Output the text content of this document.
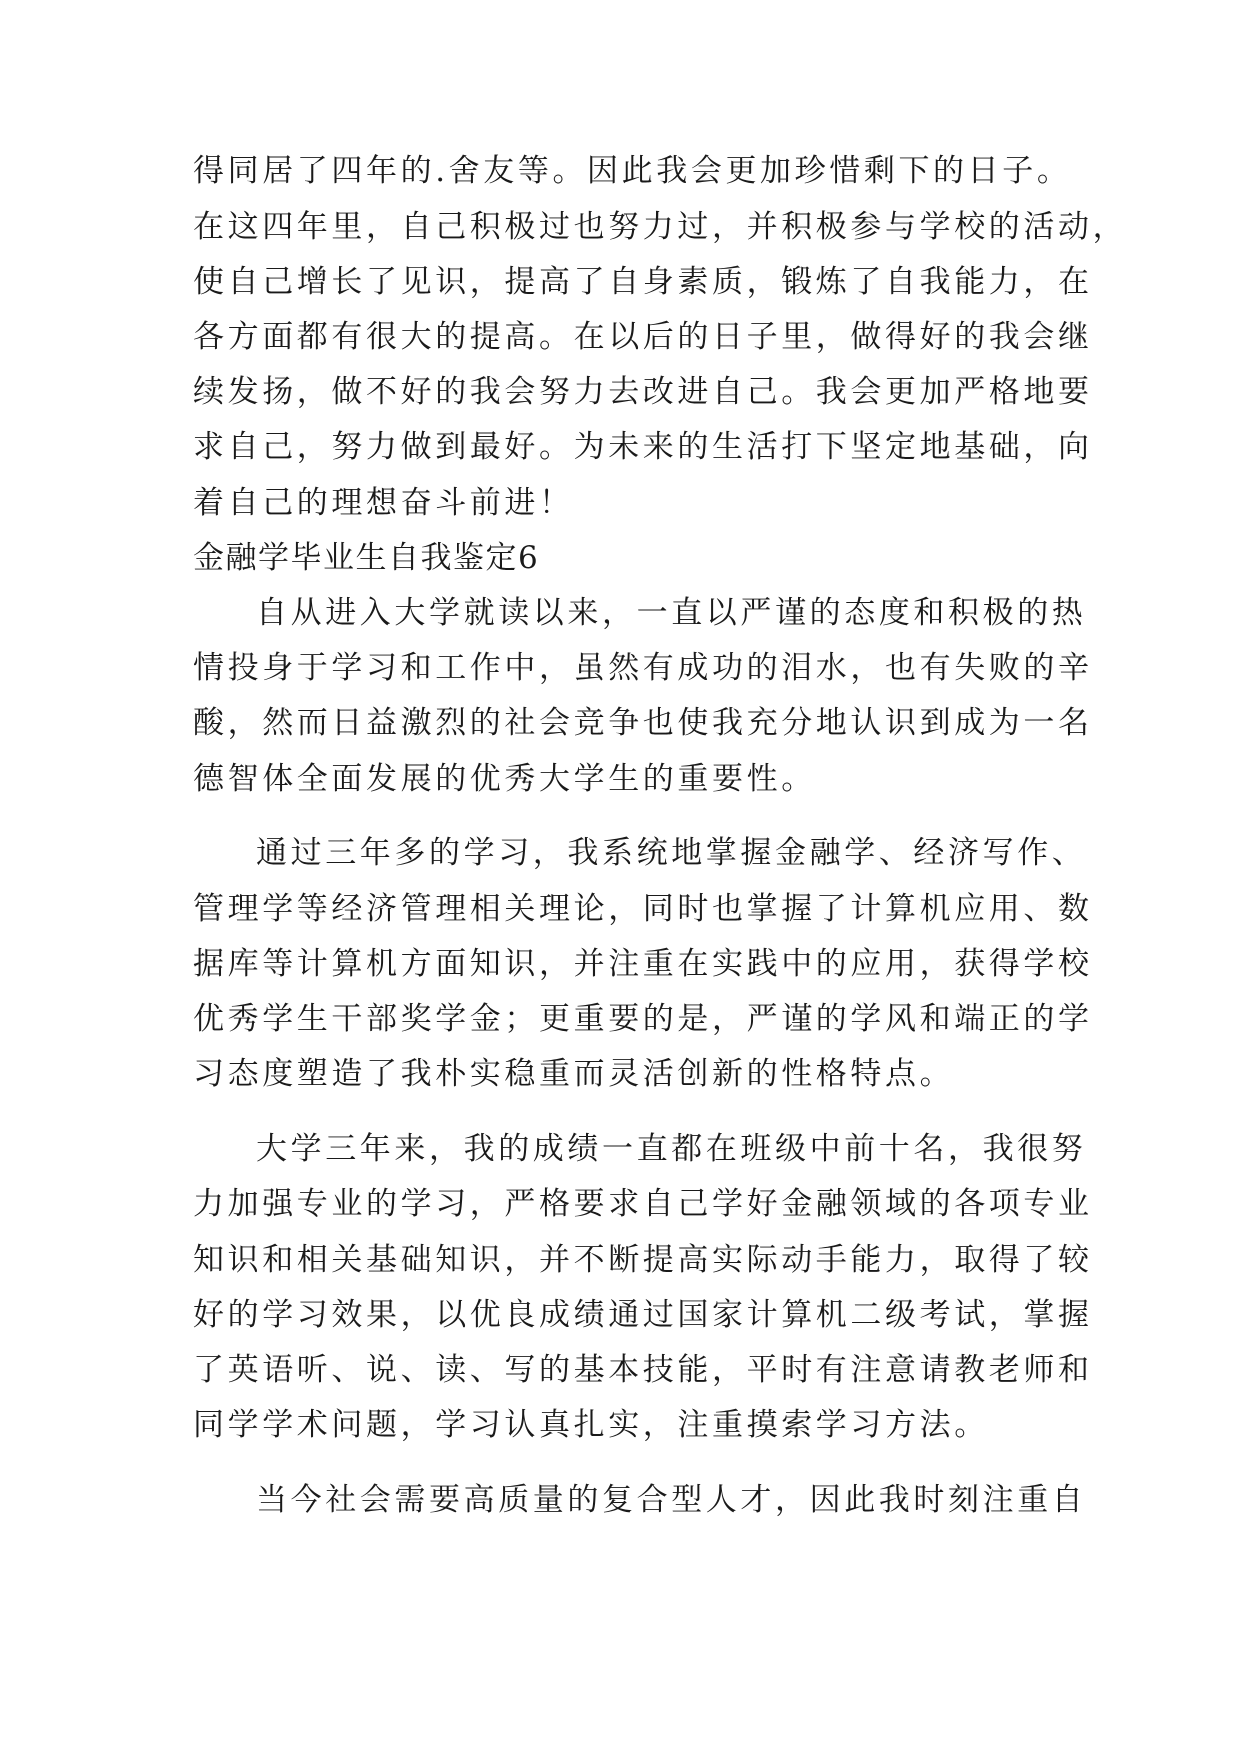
得同居了四年的.舍友等。因此我会更加珍惜剩下的日子。
在这四年里，自己积极过也努力过，并积极参与学校的活动，
使自己增长了见识，提高了自身素质，锻炼了自我能力，在
各方面都有很大的提高。在以后的日子里，做得好的我会继
续发扬，做不好的我会努力去改进自己。我会更加严格地要
求自己，努力做到最好。为未来的生活打下坚定地基础，向
着自己的理想奋斗前进！
金融学毕业生自我鉴定6
自从进入大学就读以来，一直以严谨的态度和积极的热
情投身于学习和工作中，虽然有成功的泪水，也有失败的辛
酸，然而日益激烈的社会竞争也使我充分地认识到成为一名
德智体全面发展的优秀大学生的重要性。
通过三年多的学习，我系统地掌握金融学、经济写作、
管理学等经济管理相关理论，同时也掌握了计算机应用、数
据库等计算机方面知识，并注重在实践中的应用，获得学校
优秀学生干部奖学金；更重要的是，严谨的学风和端正的学
习态度塑造了我朴实稳重而灵活创新的性格特点。
大学三年来，我的成绩一直都在班级中前十名，我很努
力加强专业的学习，严格要求自己学好金融领域的各项专业
知识和相关基础知识，并不断提高实际动手能力，取得了较
好的学习效果，以优良成绩通过国家计算机二级考试，掌握
了英语听、说、读、写的基本技能，平时有注意请教老师和
同学学术问题，学习认真扎实，注重摸索学习方法。
当今社会需要高质量的复合型人才，因此我时刻注重自
